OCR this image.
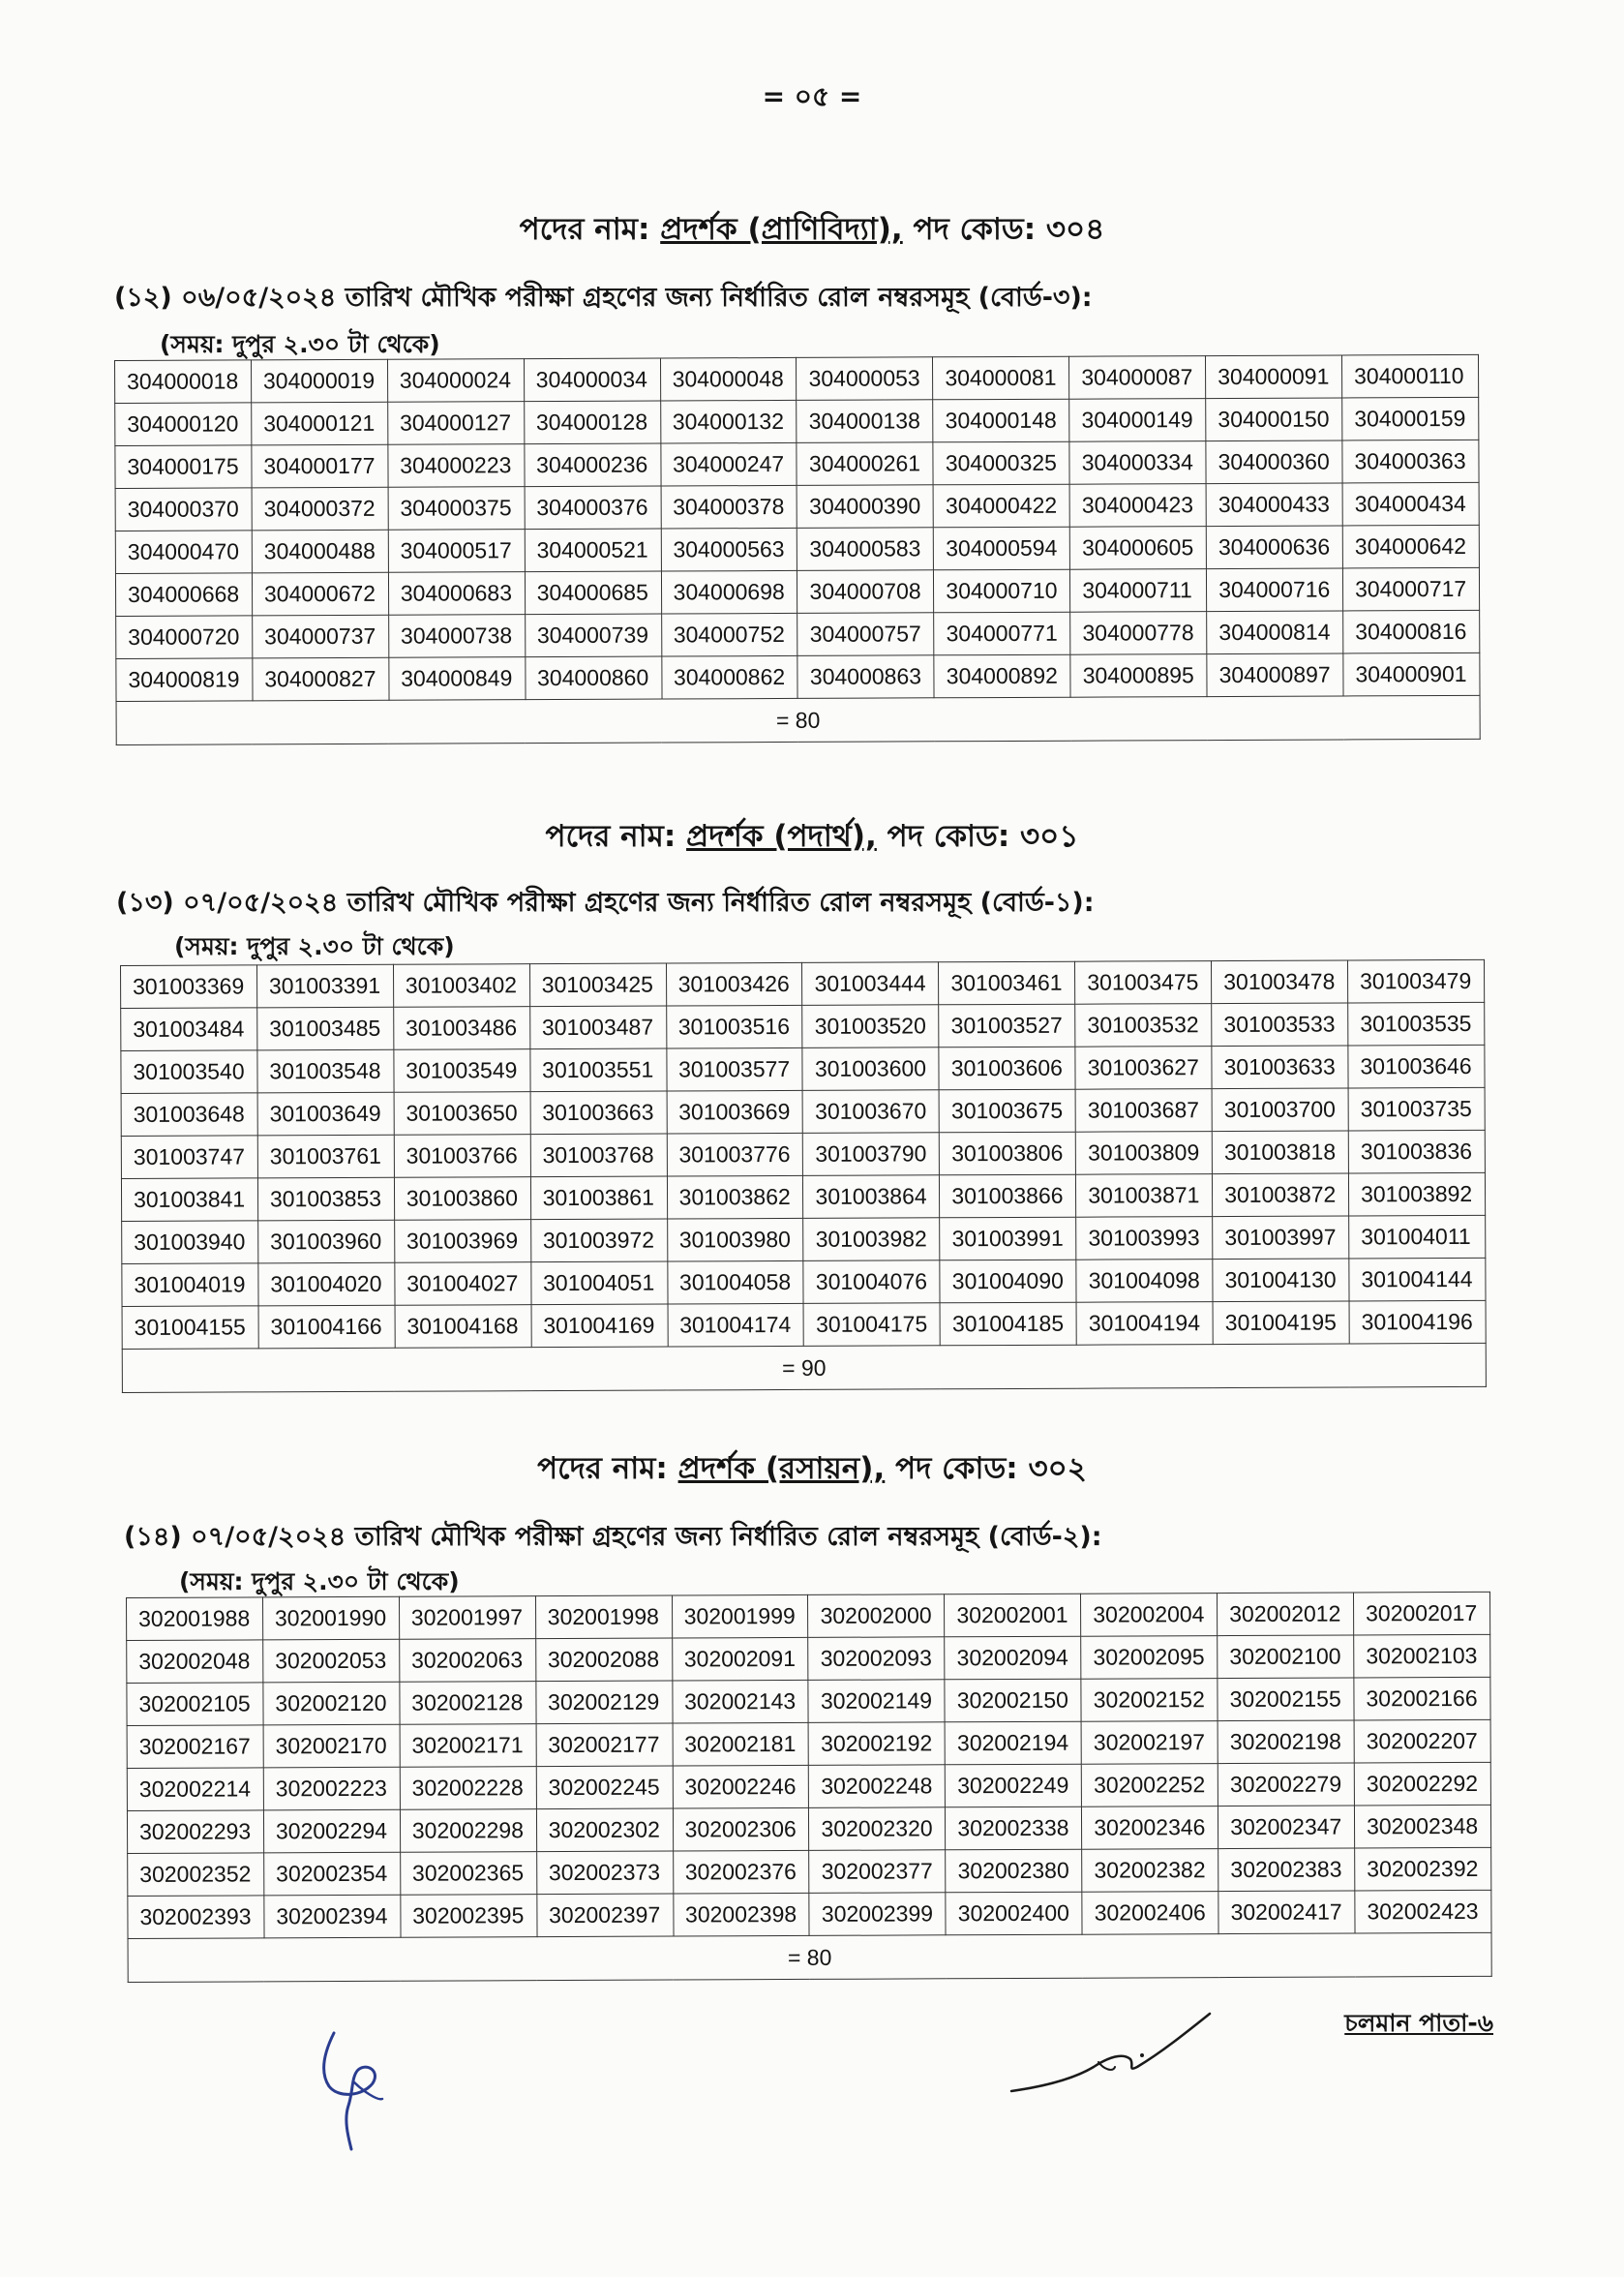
= ০৫ =
পদের নাম: প্রদর্শক (প্রাণিবিদ্যা), পদ কোড: ৩০৪
(১২) ০৬/০৫/২০২৪ তারিখ মৌখিক পরীক্ষা গ্রহণের জন্য নির্ধারিত রোল নম্বরসমূহ (বোর্ড-৩):
(সময়: দুপুর ২.৩০ টা থেকে)
304000018	304000019	304000024	304000034	304000048	304000053	304000081	304000087	304000091	304000110
304000120	304000121	304000127	304000128	304000132	304000138	304000148	304000149	304000150	304000159
304000175	304000177	304000223	304000236	304000247	304000261	304000325	304000334	304000360	304000363
304000370	304000372	304000375	304000376	304000378	304000390	304000422	304000423	304000433	304000434
304000470	304000488	304000517	304000521	304000563	304000583	304000594	304000605	304000636	304000642
304000668	304000672	304000683	304000685	304000698	304000708	304000710	304000711	304000716	304000717
304000720	304000737	304000738	304000739	304000752	304000757	304000771	304000778	304000814	304000816
304000819	304000827	304000849	304000860	304000862	304000863	304000892	304000895	304000897	304000901
= 80									
পদের নাম: প্রদর্শক (পদার্থ), পদ কোড: ৩০১
(১৩) ০৭/০৫/২০২৪ তারিখ মৌখিক পরীক্ষা গ্রহণের জন্য নির্ধারিত রোল নম্বরসমূহ (বোর্ড-১):
(সময়: দুপুর ২.৩০ টা থেকে)
301003369	301003391	301003402	301003425	301003426	301003444	301003461	301003475	301003478	301003479
301003484	301003485	301003486	301003487	301003516	301003520	301003527	301003532	301003533	301003535
301003540	301003548	301003549	301003551	301003577	301003600	301003606	301003627	301003633	301003646
301003648	301003649	301003650	301003663	301003669	301003670	301003675	301003687	301003700	301003735
301003747	301003761	301003766	301003768	301003776	301003790	301003806	301003809	301003818	301003836
301003841	301003853	301003860	301003861	301003862	301003864	301003866	301003871	301003872	301003892
301003940	301003960	301003969	301003972	301003980	301003982	301003991	301003993	301003997	301004011
301004019	301004020	301004027	301004051	301004058	301004076	301004090	301004098	301004130	301004144
301004155	301004166	301004168	301004169	301004174	301004175	301004185	301004194	301004195	301004196
= 90									
পদের নাম: প্রদর্শক (রসায়ন), পদ কোড: ৩০২
(১৪) ০৭/০৫/২০২৪ তারিখ মৌখিক পরীক্ষা গ্রহণের জন্য নির্ধারিত রোল নম্বরসমূহ (বোর্ড-২):
(সময়: দুপুর ২.৩০ টা থেকে)
302001988	302001990	302001997	302001998	302001999	302002000	302002001	302002004	302002012	302002017
302002048	302002053	302002063	302002088	302002091	302002093	302002094	302002095	302002100	302002103
302002105	302002120	302002128	302002129	302002143	302002149	302002150	302002152	302002155	302002166
302002167	302002170	302002171	302002177	302002181	302002192	302002194	302002197	302002198	302002207
302002214	302002223	302002228	302002245	302002246	302002248	302002249	302002252	302002279	302002292
302002293	302002294	302002298	302002302	302002306	302002320	302002338	302002346	302002347	302002348
302002352	302002354	302002365	302002373	302002376	302002377	302002380	302002382	302002383	302002392
302002393	302002394	302002395	302002397	302002398	302002399	302002400	302002406	302002417	302002423
= 80									
চলমান পাতা-৬
